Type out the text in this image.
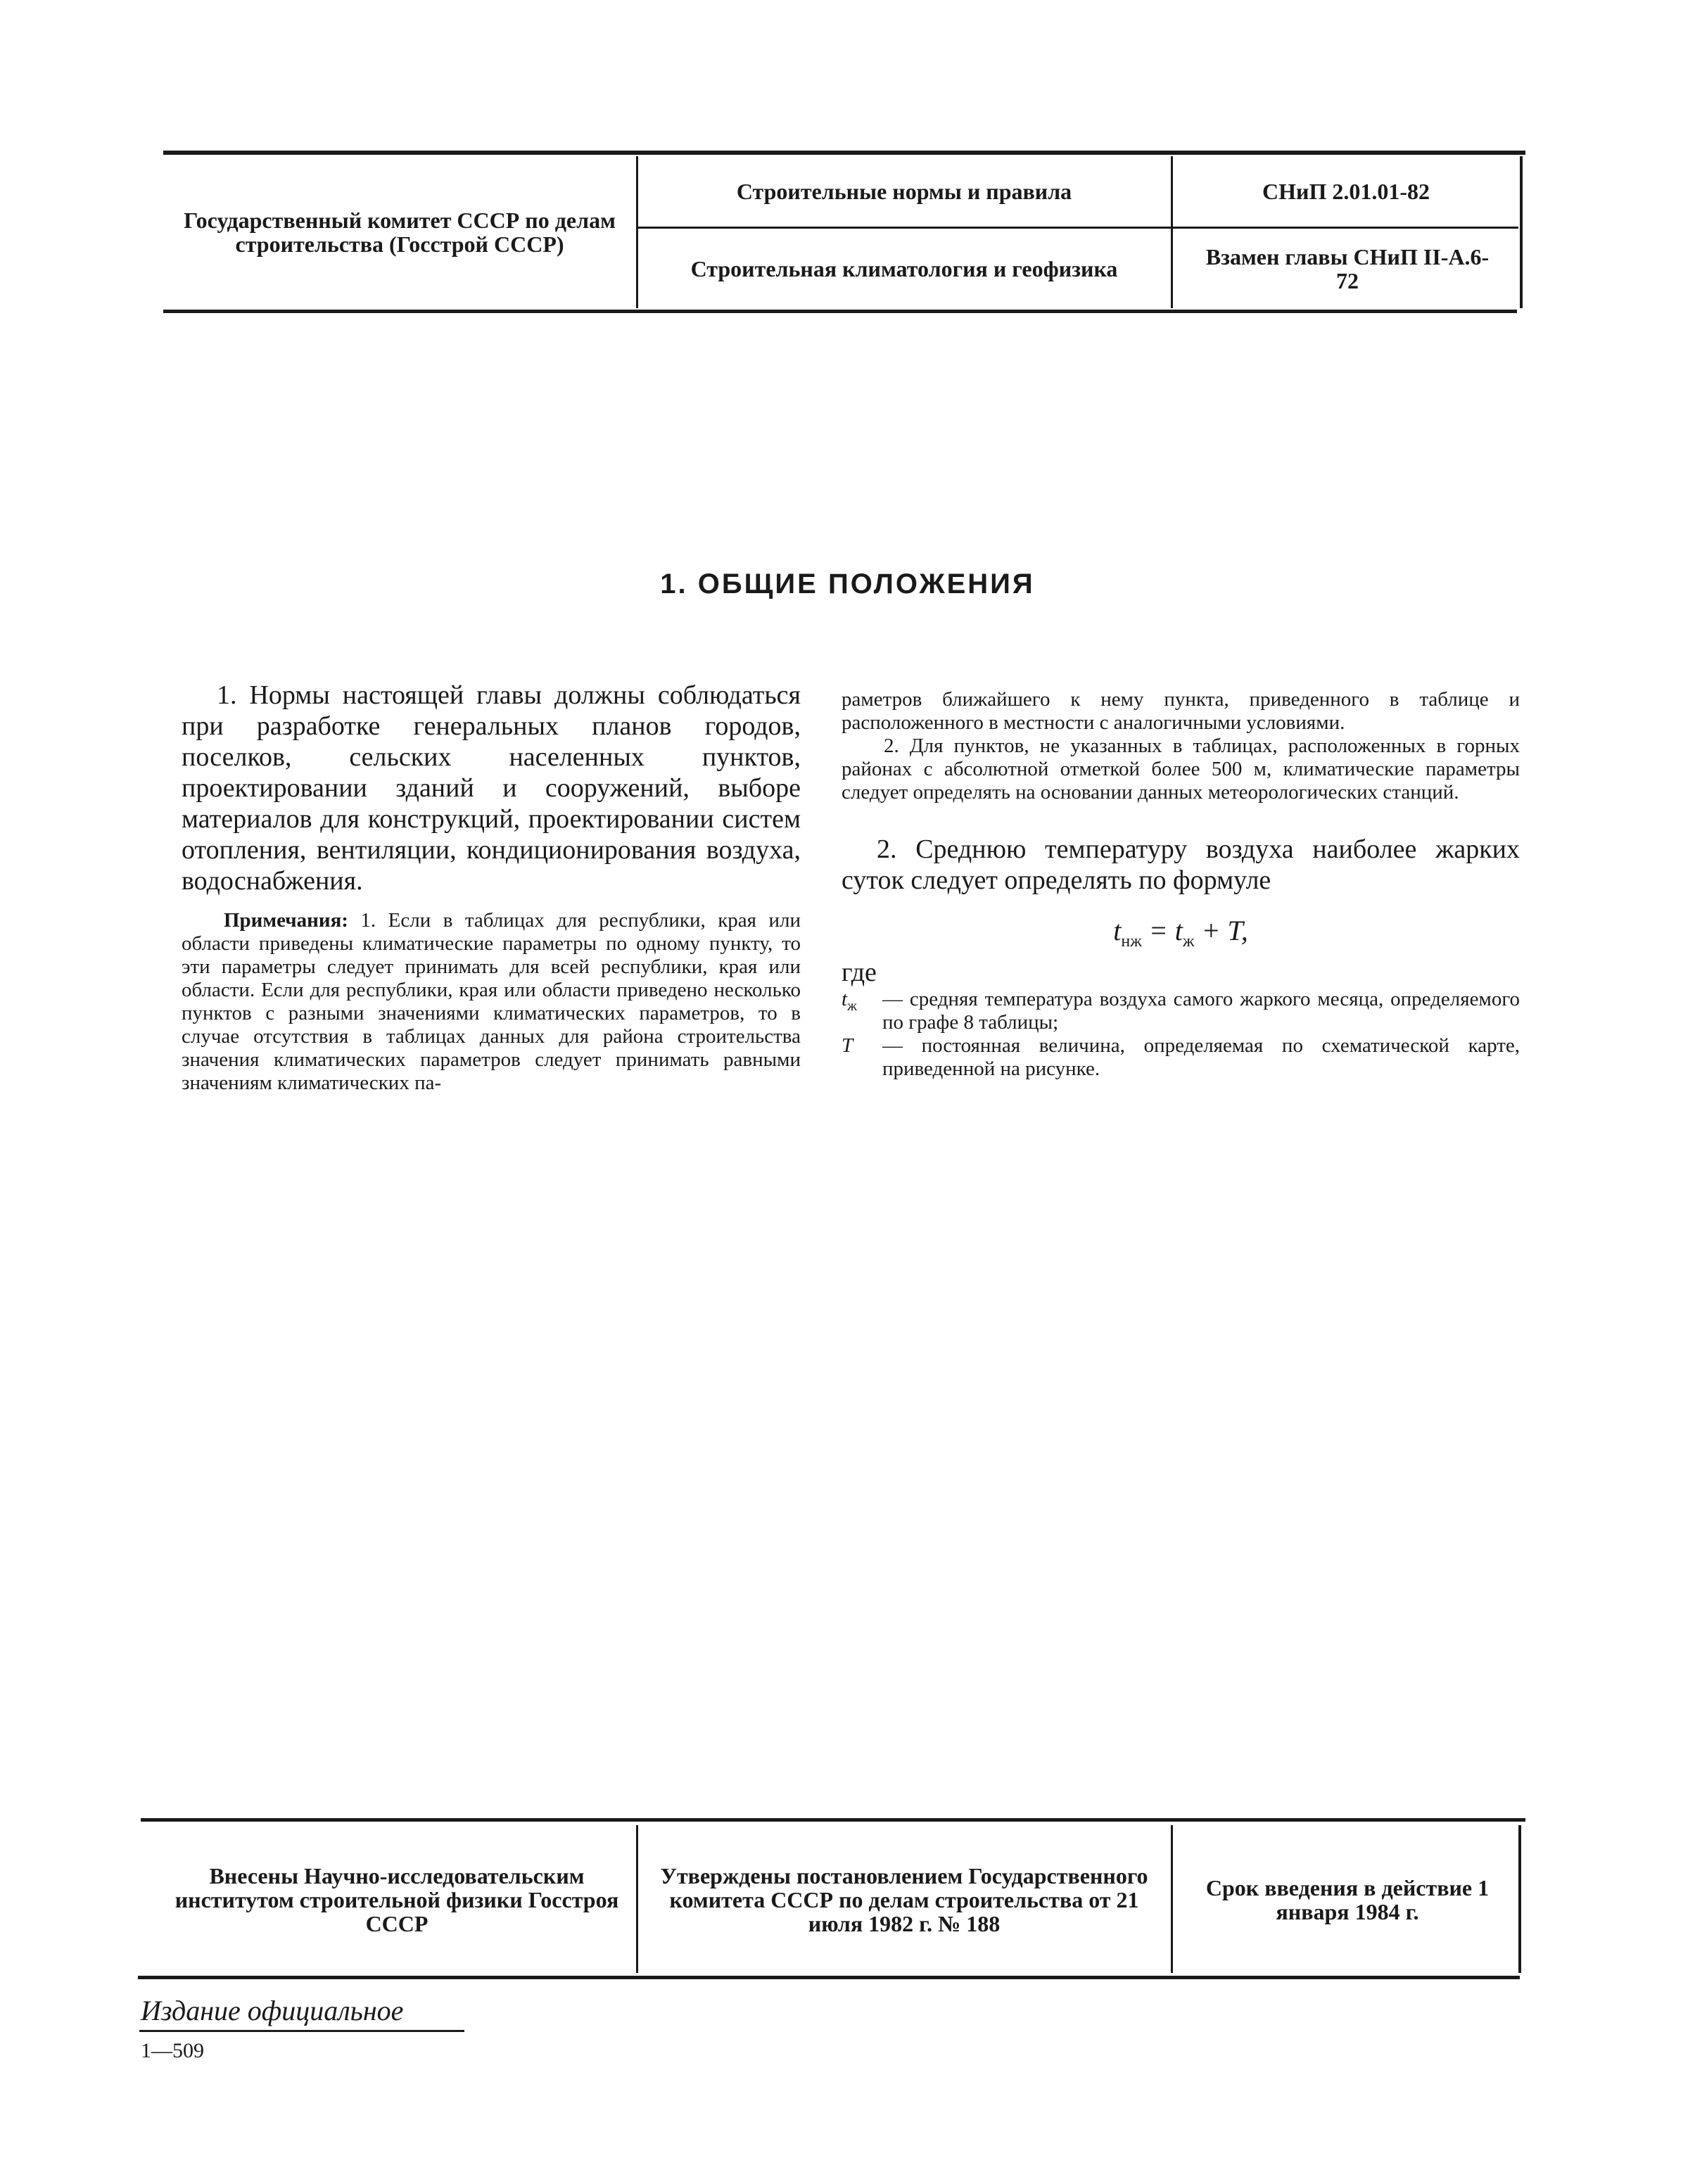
Государственный комитет СССР по делам строительства (Госстрой СССР)
Строительные нормы и правила
Строительная климатология и геофизика
СНиП 2.01.01-82
Взамен главы СНиП II-А.6-72
1. ОБЩИЕ ПОЛОЖЕНИЯ

1. Нормы настоящей главы должны соблюдаться при разработке генеральных планов городов, поселков, сельских населенных пунктов, проектировании зданий и сооружений, выборе материалов для конструкций, проектировании систем отопления, вентиляции, кондиционирования воздуха, водоснабжения.

Примечания: 1. Если в таблицах для республики, края или области приведены климатические параметры по одному пункту, то эти параметры следует принимать для всей республики, края или области. Если для республики, края или области приведено несколько пунктов с разными значениями климатических параметров, то в случае отсутствия в таблицах данных для района строительства значения климатических параметров следует принимать равными значениям климатических па-

раметров ближайшего к нему пункта, приведенного в таблице и расположенного в местности с аналогичными условиями.

2. Для пунктов, не указанных в таблицах, расположенных в горных районах с абсолютной отметкой более 500 м, климатические параметры следует определять на основании данных метеорологических станций.

2. Среднюю температуру воздуха наиболее жарких суток следует определять по формуле

$t_{нж} = t_ж + T$,
где
$t_ж$	— средняя температура воздуха самого жаркого месяца, определяемого по графе 8 таблицы;
T	— постоянная величина, определяемая по схематической карте, приведенной на рисунке.
Внесены Научно-исследовательским институтом строительной физики Госстроя СССР
Утверждены постановлением Государственного комитета СССР по делам строительства от 21 июля 1982 г. № 188
Срок введения в действие 1 января 1984 г.
Издание официальное
1—509
